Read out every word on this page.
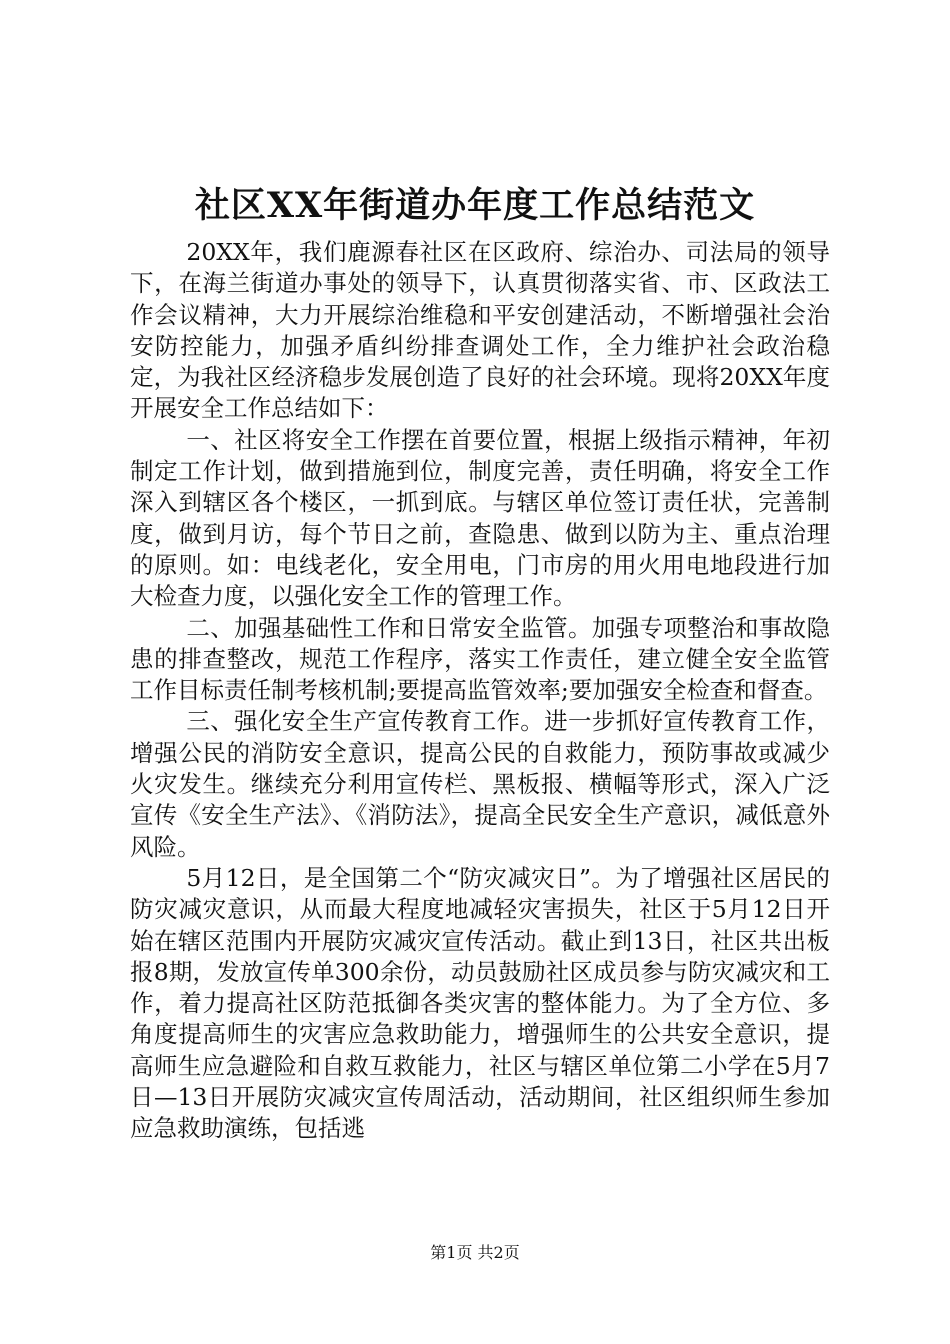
社区XX年街道办年度工作总结范文

20XX年，我们鹿源春社区在区政府、综治办、司法局的领导下，在海兰街道办事处的领导下，认真贯彻落实省、市、区政法工作会议精神，大力开展综治维稳和平安创建活动，不断增强社会治安防控能力，加强矛盾纠纷排查调处工作，全力维护社会政治稳定，为我社区经济稳步发展创造了良好的社会环境。现将20XX年度开展安全工作总结如下：

一、社区将安全工作摆在首要位置，根据上级指示精神，年初制定工作计划，做到措施到位，制度完善，责任明确，将安全工作深入到辖区各个楼区，一抓到底。与辖区单位签订责任状，完善制度，做到月访，每个节日之前，查隐患、做到以防为主、重点治理的原则。如：电线老化，安全用电，门市房的用火用电地段进行加大检查力度，以强化安全工作的管理工作。

二、加强基础性工作和日常安全监管。加强专项整治和事故隐患的排查整改，规范工作程序，落实工作责任，建立健全安全监管工作目标责任制考核机制;要提高监管效率;要加强安全检查和督查。

三、强化安全生产宣传教育工作。进一步抓好宣传教育工作，增强公民的消防安全意识，提高公民的自救能力，预防事故或减少火灾发生。继续充分利用宣传栏、黑板报、横幅等形式，深入广泛宣传《安全生产法》、《消防法》，提高全民安全生产意识，减低意外风险。

5月12日，是全国第二个“防灾减灾日”。为了增强社区居民的防灾减灾意识，从而最大程度地减轻灾害损失，社区于5月12日开始在辖区范围内开展防灾减灾宣传活动。截止到13日，社区共出板报8期，发放宣传单300余份，动员鼓励社区成员参与防灾减灾和工作，着力提高社区防范抵御各类灾害的整体能力。为了全方位、多角度提高师生的灾害应急救助能力，增强师生的公共安全意识，提高师生应急避险和自救互救能力，社区与辖区单位第二小学在5月7日—13日开展防灾减灾宣传周活动，活动期间，社区组织师生参加应急救助演练，包括逃

第1页 共2页
